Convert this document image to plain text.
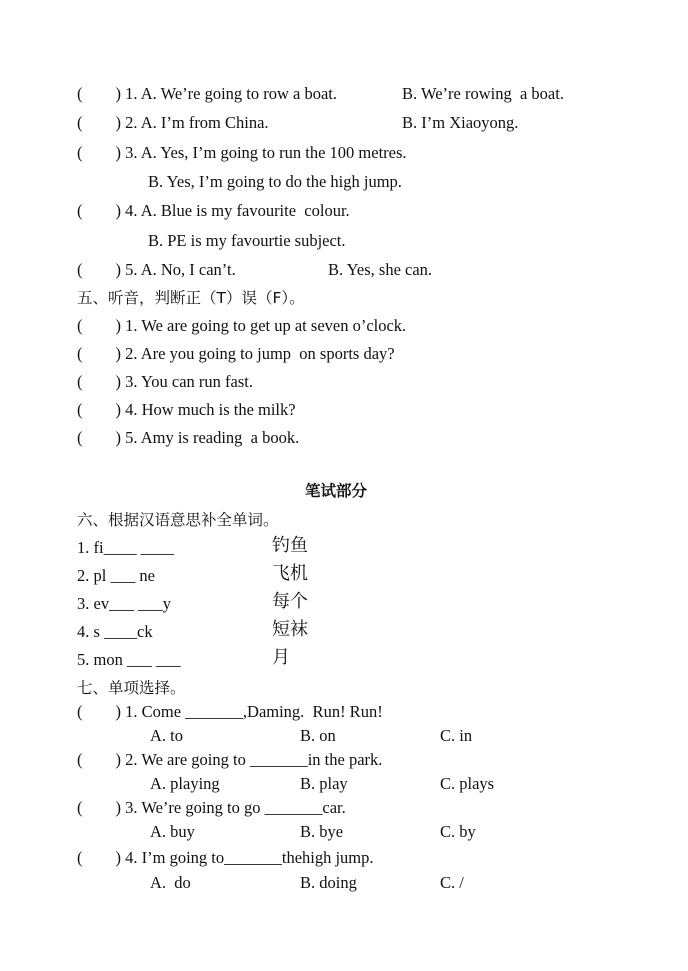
(        ) 1. A. We’re going to row a boat.	B. We’re rowing  a boat.
(        ) 2. A. I’m from China.	B. I’m Xiaoyong.
(        ) 3. A. Yes, I’m going to run the 100 metres.
B. Yes, I’m going to do the high jump.
(        ) 4. A. Blue is my favourite  colour.
B. PE is my favourtie subject.
(        ) 5. A. No, I can’t.	B. Yes, she can.
五、听音，判断正（T）误（F）。
(        ) 1. We are going to get up at seven o’clock.
(        ) 2. Are you going to jump  on sports day?
(        ) 3. You can run fast.
(        ) 4. How much is the milk?
(        ) 5. Amy is reading  a book.
笔试部分
六、根据汉语意思补全单词。
1. fi____ ____	钓鱼
2. pl ___ ne	飞机
3. ev___ ___y	每个
4. s ____ck	短袜
5. mon ___ ___	月
七、单项选择。
(        ) 1. Come _______,Daming.  Run! Run!
A. to	B. on	C. in
(        ) 2. We are going to _______in the park.
A. playing	B. play	C. plays
(        ) 3. We’re going to go _______car.
A. buy	B. bye	C. by
(        ) 4. I’m going to_______thehigh jump.
A.  do	B. doing	C. /
